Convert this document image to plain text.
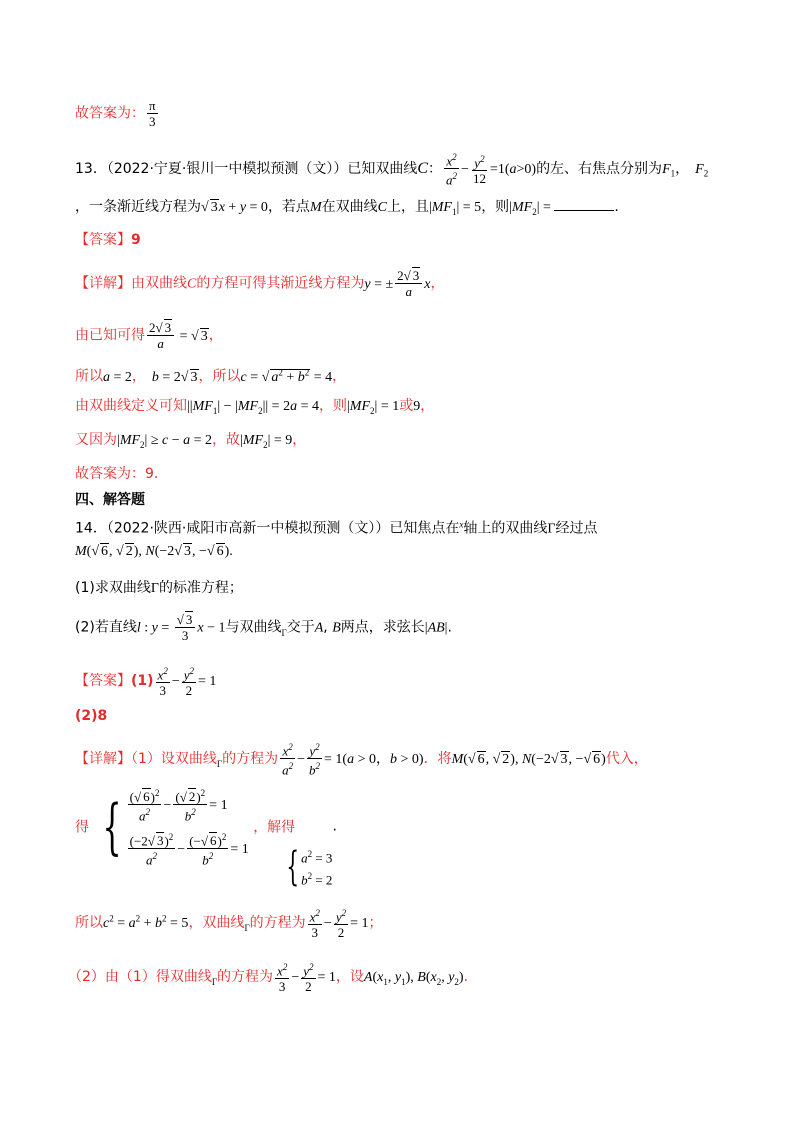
故答案为： $\frac{\pi}{3}$
13．（2022·宁夏·银川一中模拟预测（文））已知双曲线C： $\frac{x^2}{a^2} - \frac{y^2}{12} =1(a>0)$的左、右焦点分别为$F_1$， $F_2$
，一条渐近线方程为√ 3x + y = 0，若点M在双曲线C上，且$|MF_1| = 5$，则$|MF_2|$ =	.
【答案】9
【详解】由双曲线C的方程可得其渐近线方程为y = ± $\frac{2√ 3}{a}$ x，
由已知可得 $\frac{2√ 3}{a}$ = √ 3，
所以a = 2， b = 2√ 3，所以c = √ $a^2 + b^2 = 4$，
由双曲线定义可知$||MF_1| - |MF_2|| = 2a = 4$，则$|MF_2| = 1$或9，
又因为$|MF_2| \ge c - a = 2$，故$|MF_2| = 9$，
故答案为：9.
四、解答题
14．（2022·陕西·咸阳市高新一中模拟预测（文））已知焦点在$^x$轴上的双曲线Γ经过点
M(√ 6, √ 2), N(−2√ 3, −√ 6).
(1)求双曲线Γ的标准方程；
(2)若直线l : $y = \frac{√ 3}{3}$ x − 1与双曲线$_\Gamma$交于A, B两点，求弦长|AB|.
【答案】$(1) \frac{x^2}{3} - \frac{y^2}{2} = 1$
(2)8
【详解】（1）设双曲线$_\Gamma$的方程为 $\frac{x^2}{a^2} - \frac{y^2}{b^2} = 1(a > 0$，b > 0)．将M(√ 6, √ 2), N(−2√ 3, −√ 6)代入，
得 { $\frac{(√ 6)^2}{a^2} - \frac{(√ 2)^2}{b^2} = 1$
$\frac{(-2√ 3)^2}{a^2} - \frac{(-√ 6)^2}{b^2} = 1$
，解得
{ $a^2 = 3$
$b^2 = 2$
.
所以$c^2 = a^2 + b^2 = 5$，双曲线$_\Gamma$的方程为 $\frac{x^2}{3} - \frac{y^2}{2} = 1$；
（2）由（1）得双曲线$_\Gamma$的方程为 $\frac{x^2}{3} - \frac{y^2}{2} = 1$，设$A(x_1$, $y_1$), $B(x_2$, $y_2$).
